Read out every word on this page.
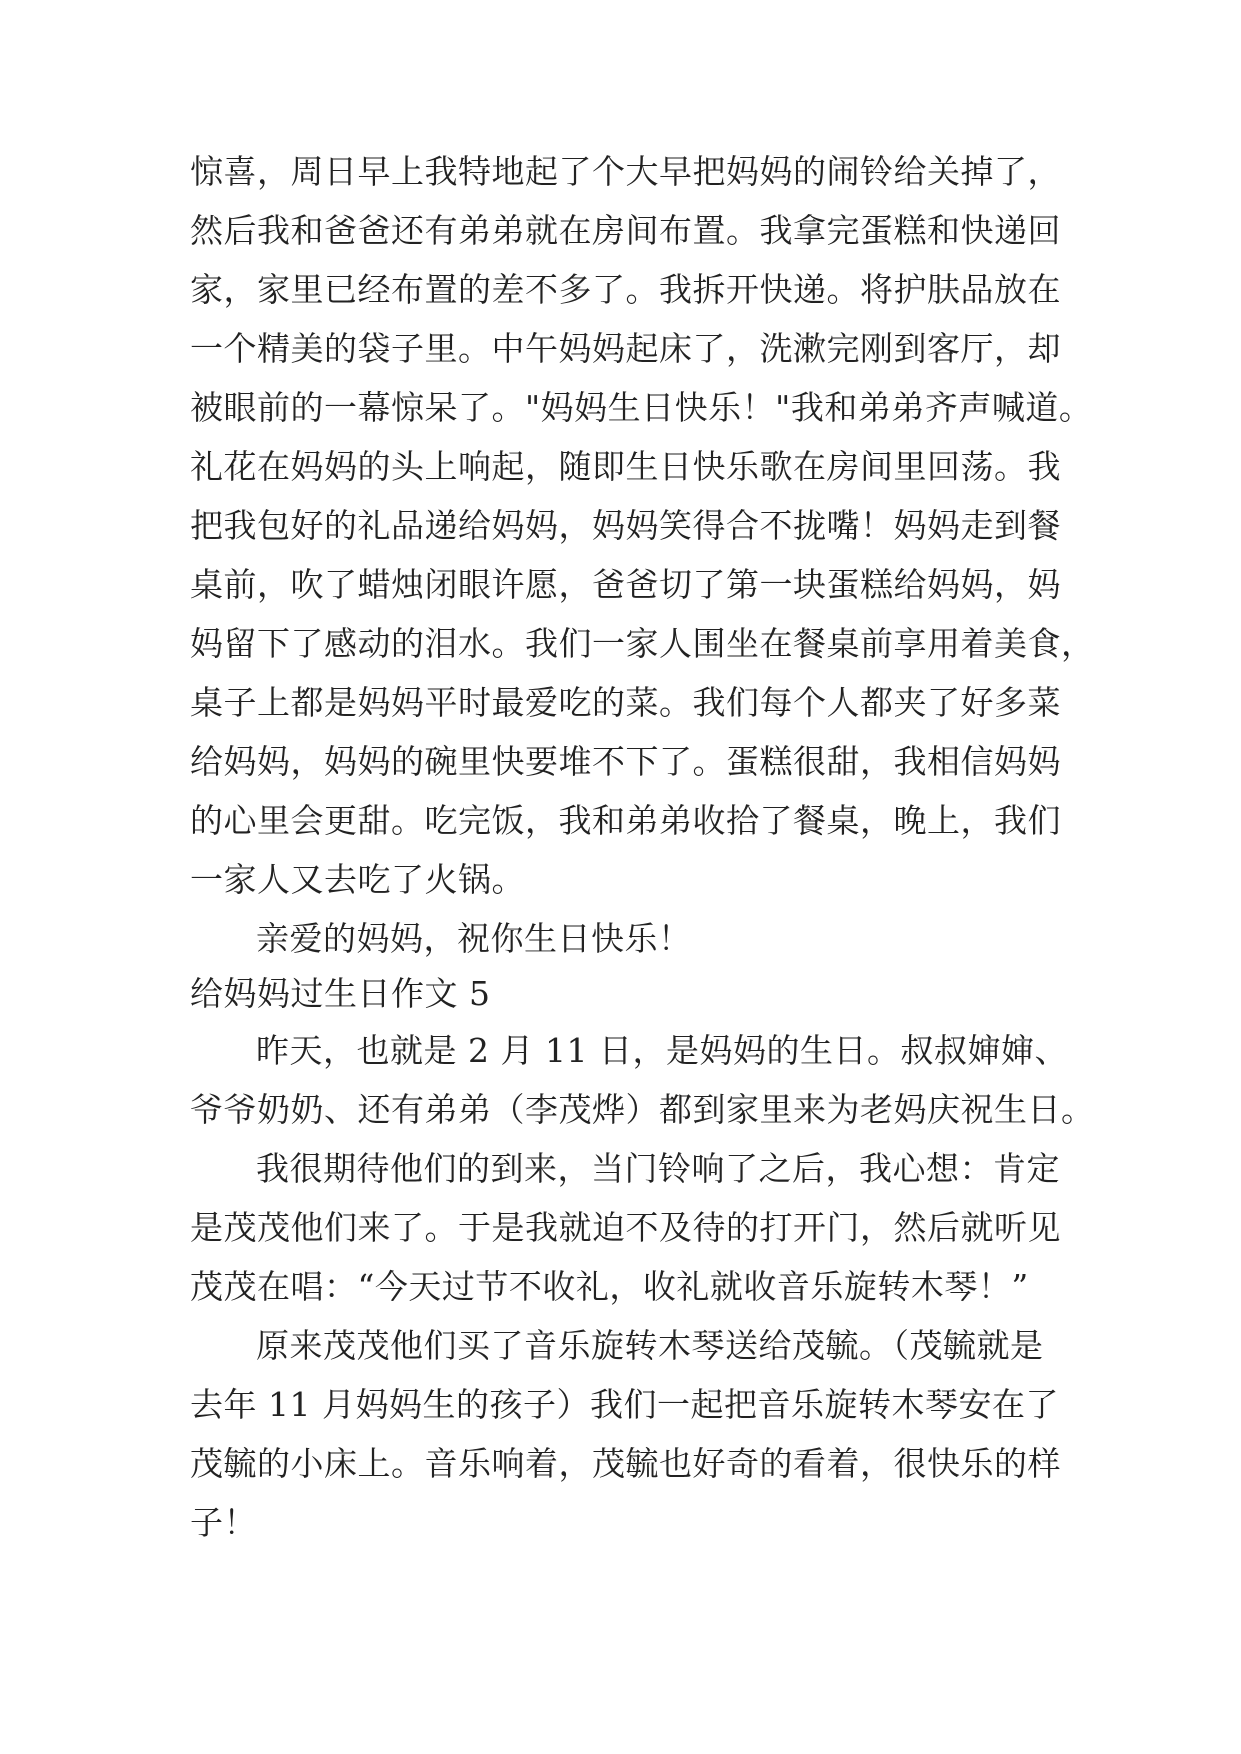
惊喜，周日早上我特地起了个大早把妈妈的闹铃给关掉了，
然后我和爸爸还有弟弟就在房间布置。我拿完蛋糕和快递回
家，家里已经布置的差不多了。我拆开快递。将护肤品放在
一个精美的袋子里。中午妈妈起床了，洗漱完刚到客厅，却
被眼前的一幕惊呆了。"妈妈生日快乐！"我和弟弟齐声喊道。
礼花在妈妈的头上响起，随即生日快乐歌在房间里回荡。我
把我包好的礼品递给妈妈，妈妈笑得合不拢嘴！妈妈走到餐
桌前，吹了蜡烛闭眼许愿，爸爸切了第一块蛋糕给妈妈，妈
妈留下了感动的泪水。我们一家人围坐在餐桌前享用着美食，
桌子上都是妈妈平时最爱吃的菜。我们每个人都夹了好多菜
给妈妈，妈妈的碗里快要堆不下了。蛋糕很甜，我相信妈妈
的心里会更甜。吃完饭，我和弟弟收拾了餐桌，晚上，我们
一家人又去吃了火锅。
亲爱的妈妈，祝你生日快乐！
给妈妈过生日作文 5
昨天，也就是 2 月 11 日，是妈妈的生日。叔叔婶婶、
爷爷奶奶、还有弟弟（李茂烨）都到家里来为老妈庆祝生日。
我很期待他们的到来，当门铃响了之后，我心想：肯定
是茂茂他们来了。于是我就迫不及待的打开门，然后就听见
茂茂在唱：“今天过节不收礼，收礼就收音乐旋转木琴！”
原来茂茂他们买了音乐旋转木琴送给茂毓。（茂毓就是
去年 11 月妈妈生的孩子）我们一起把音乐旋转木琴安在了
茂毓的小床上。音乐响着，茂毓也好奇的看着，很快乐的样
子！
